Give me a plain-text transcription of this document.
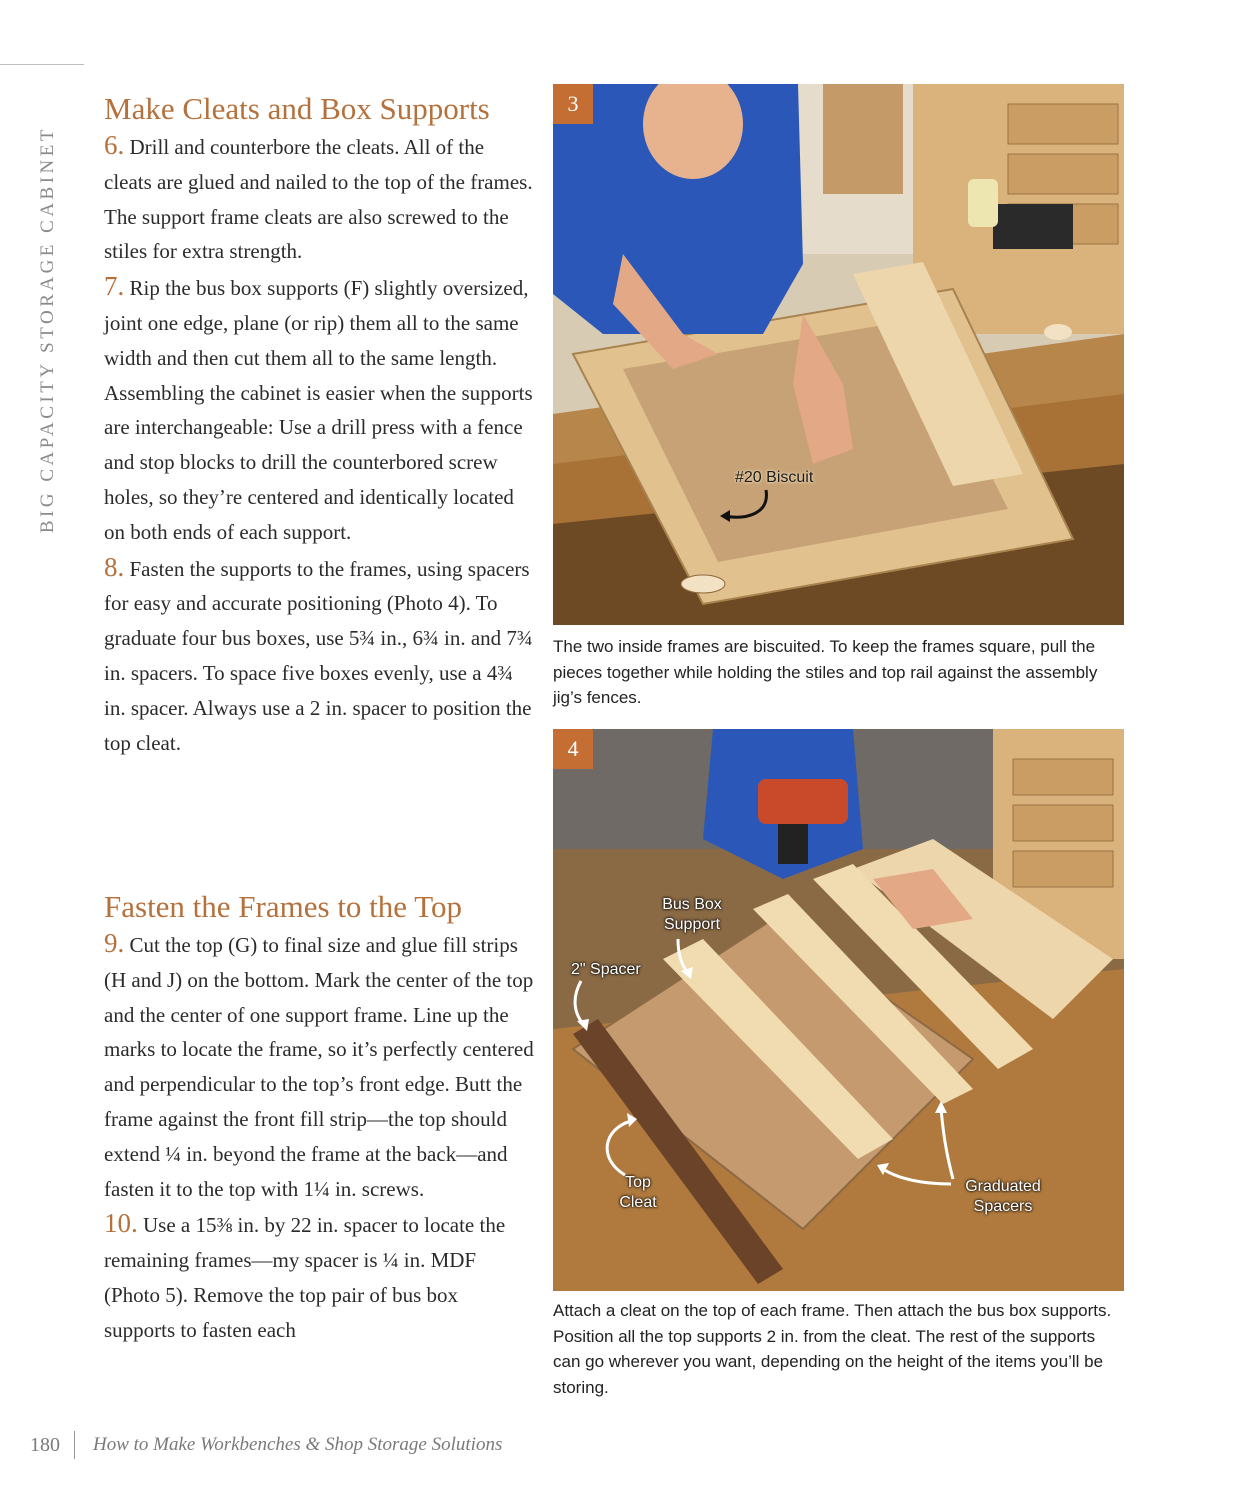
BIG CAPACITY STORAGE CABINET
Make Cleats and Box Supports

6. Drill and counterbore the cleats. All of the cleats are glued and nailed to the top of the frames. The support frame cleats are also screwed to the stiles for extra strength.

7. Rip the bus box supports (F) slightly oversized, joint one edge, plane (or rip) them all to the same width and then cut them all to the same length. Assembling the cabinet is easier when the supports are interchangeable: Use a drill press with a fence and stop blocks to drill the counterbored screw holes, so they’re centered and identically located on both ends of each support.

8. Fasten the supports to the frames, using spacers for easy and accurate positioning (Photo 4). To graduate four bus boxes, use 5¾ in., 6¾ in. and 7¾ in. spacers. To space five boxes evenly, use a 4¾ in. spacer. Always use a 2 in. spacer to position the top cleat.

Fasten the Frames to the Top

9. Cut the top (G) to final size and glue fill strips (H and J) on the bottom. Mark the center of the top and the center of one support frame. Line up the marks to locate the frame, so it’s perfectly centered and perpendicular to the top’s front edge. Butt the frame against the front fill strip—the top should extend ¼ in. beyond the frame at the back—and fasten it to the top with 1¼ in. screws.

10. Use a 15⅜ in. by 22 in. spacer to locate the remaining frames—my spacer is ¼ in. MDF (Photo 5). Remove the top pair of bus box supports to fasten each

3
#20 Biscuit

The two inside frames are biscuited. To keep the frames square, pull the pieces together while holding the stiles and top rail against the assembly jig’s fences.

4
Bus Box
Support
2" Spacer
Top
Cleat
Graduated
Spacers

Attach a cleat on the top of each frame. Then attach the bus box supports. Position all the top supports 2 in. from the cleat. The rest of the supports can go wherever you want, depending on the height of the items you’ll be storing.

180 How to Make Workbenches & Shop Storage Solutions
